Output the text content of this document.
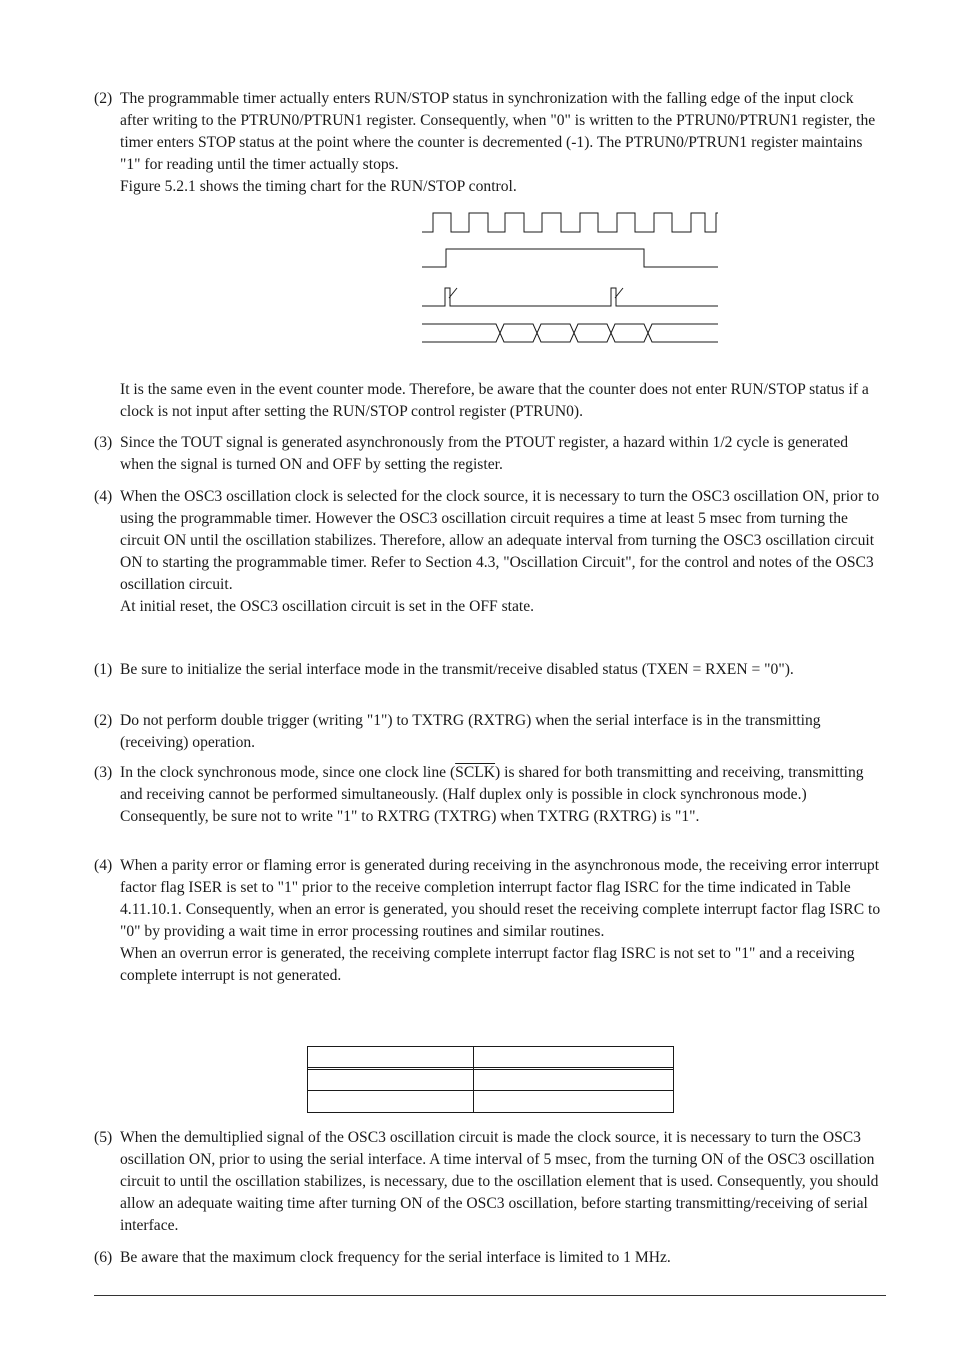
(2) The programmable timer actually enters RUN/STOP status in synchronization with the falling edge of the input clock after writing to the PTRUN0/PTRUN1 register. Consequently, when "0" is written to the PTRUN0/PTRUN1 register, the timer enters STOP status at the point where the counter is decremented (-1). The PTRUN0/PTRUN1 register maintains "1" for reading until the timer actually stops.

Figure 5.2.1 shows the timing chart for the RUN/STOP control.

It is the same even in the event counter mode. Therefore, be aware that the counter does not enter RUN/STOP status if a clock is not input after setting the RUN/STOP control register (PTRUN0).
(3) Since the TOUT signal is generated asynchronously from the PTOUT register, a hazard within 1/2 cycle is generated when the signal is turned ON and OFF by setting the register.

(4) When the OSC3 oscillation clock is selected for the clock source, it is necessary to turn the OSC3 oscillation ON, prior to using the programmable timer. However the OSC3 oscillation circuit requires a time at least 5 msec from turning the circuit ON until the oscillation stabilizes. Therefore, allow an adequate interval from turning the OSC3 oscillation circuit ON to starting the programmable timer. Refer to Section 4.3, "Oscillation Circuit", for the control and notes of the OSC3 oscillation circuit.

At initial reset, the OSC3 oscillation circuit is set in the OFF state.

(1) Be sure to initialize the serial interface mode in the transmit/receive disabled status (TXEN = RXEN = "0").

(2) Do not perform double trigger (writing "1") to TXTRG (RXTRG) when the serial interface is in the transmitting (receiving) operation.

(3) In the clock synchronous mode, since one clock line (SCLK) is shared for both transmitting and receiving, transmitting and receiving cannot be performed simultaneously. (Half duplex only is possible in clock synchronous mode.)

Consequently, be sure not to write "1" to RXTRG (TXTRG) when TXTRG (RXTRG) is "1".

(4) When a parity error or flaming error is generated during receiving in the asynchronous mode, the receiving error interrupt factor flag ISER is set to "1" prior to the receive completion interrupt factor flag ISRC for the time indicated in Table 4.11.10.1. Consequently, when an error is generated, you should reset the receiving complete interrupt factor flag ISRC to "0" by providing a wait time in error processing routines and similar routines.

When an overrun error is generated, the receiving complete interrupt factor flag ISRC is not set to "1" and a receiving complete interrupt is not generated.

(5) When the demultiplied signal of the OSC3 oscillation circuit is made the clock source, it is necessary to turn the OSC3 oscillation ON, prior to using the serial interface. A time interval of 5 msec, from the turning ON of the OSC3 oscillation circuit to until the oscillation stabilizes, is necessary, due to the oscillation element that is used. Consequently, you should allow an adequate waiting time after turning ON of the OSC3 oscillation, before starting transmitting/receiving of serial interface.

(6) Be aware that the maximum clock frequency for the serial interface is limited to 1 MHz.
